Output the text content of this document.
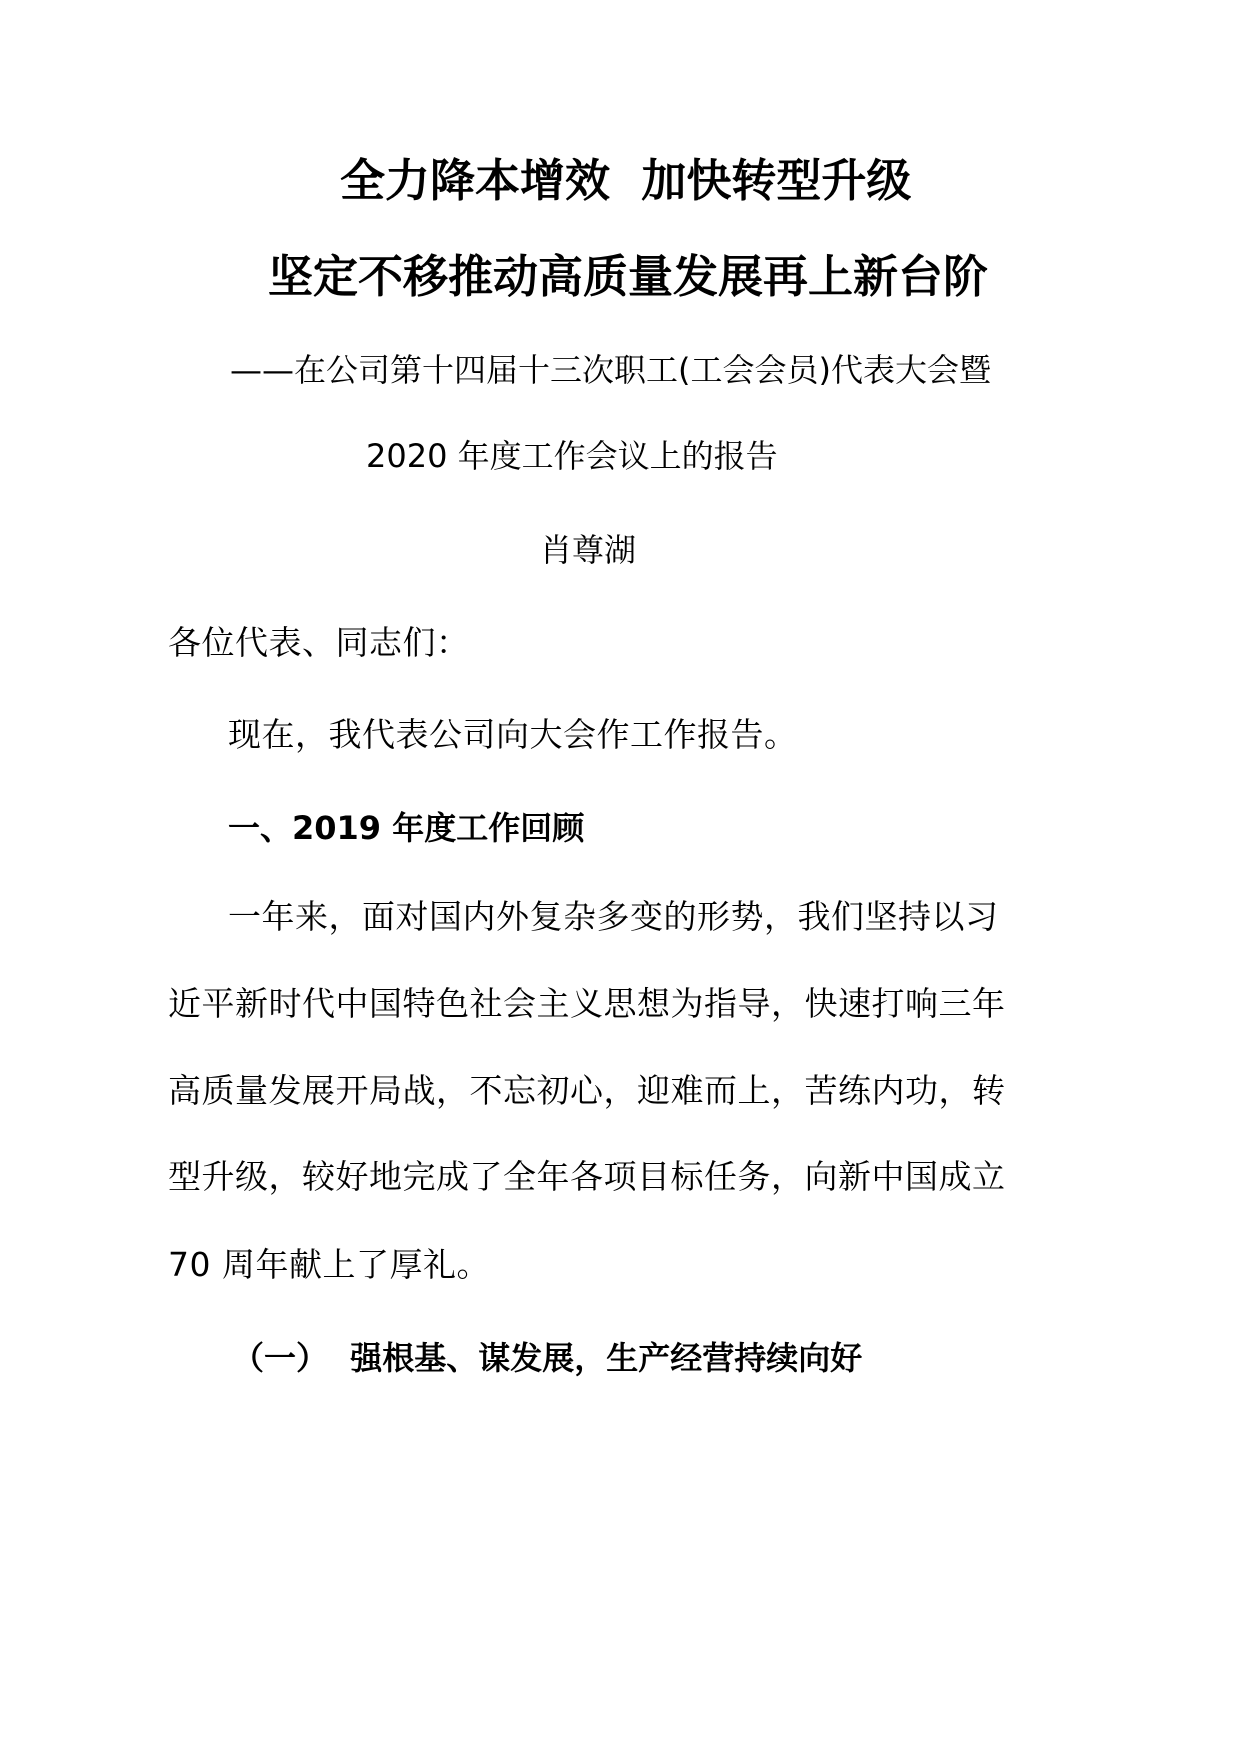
全力降本增效  加快转型升级
坚定不移推动高质量发展再上新台阶
——在公司第十四届十三次职工(工会会员)代表大会暨
2020 年度工作会议上的报告
肖尊湖
各位代表、同志们：
现在，我代表公司向大会作工作报告。
一、2019 年度工作回顾
一年来，面对国内外复杂多变的形势，我们坚持以习
近平新时代中国特色社会主义思想为指导，快速打响三年
高质量发展开局战，不忘初心，迎难而上，苦练内功，转
型升级，较好地完成了全年各项目标任务，向新中国成立
70 周年献上了厚礼。
（一）  强根基、谋发展，生产经营持续向好
